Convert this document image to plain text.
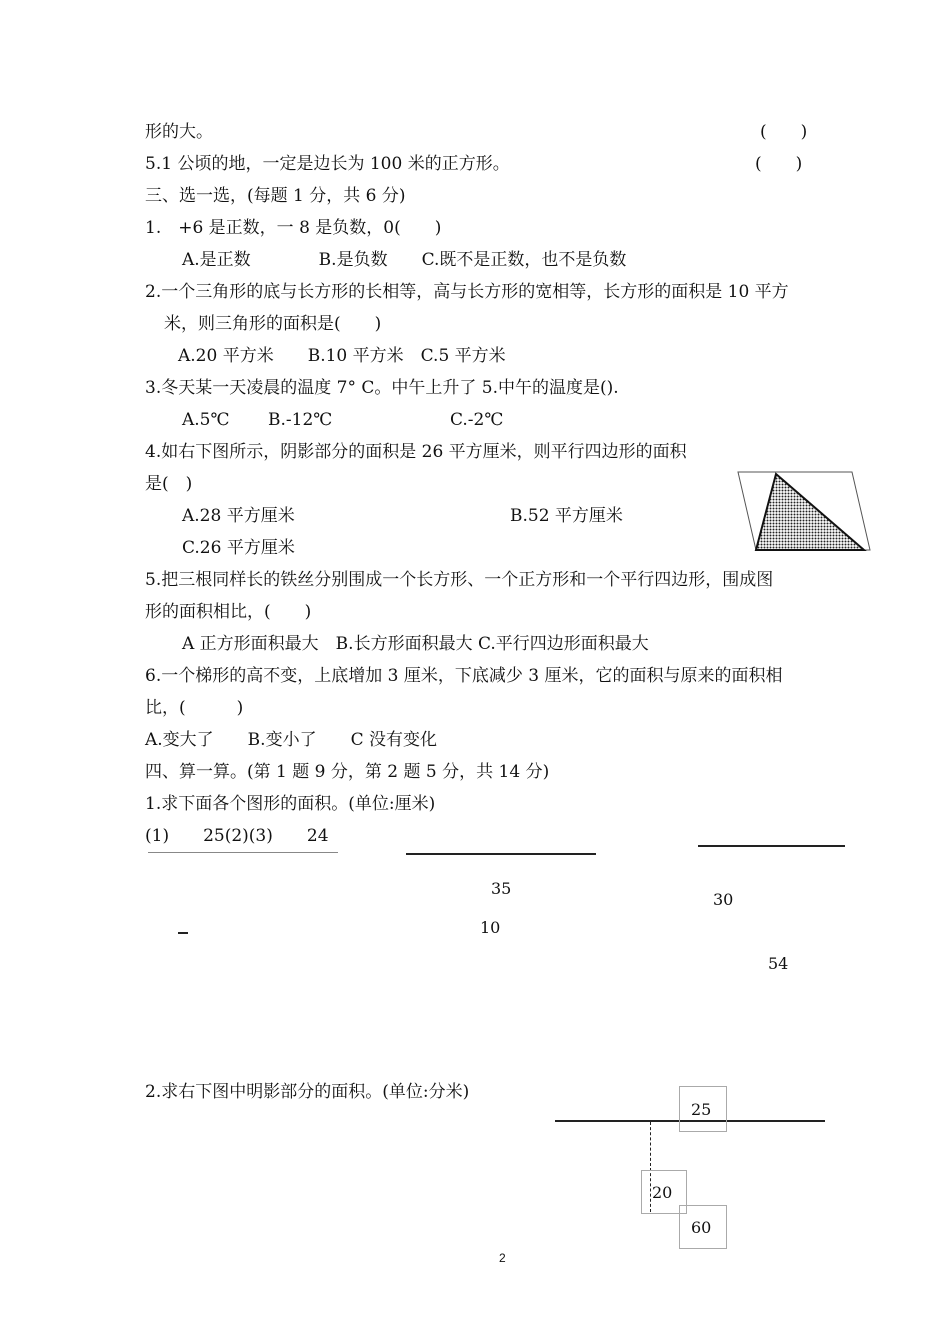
形的大。	(　　)
5.1 公顷的地，一定是边长为 100 米的正方形。	(　　)
三、选一选，(每题 1 分，共 6 分)
1.　+6 是正数，一 8 是负数，0(　　)
A.是正数　　　　B.是负数　　C.既不是正数，也不是负数
2.一个三角形的底与长方形的长相等，高与长方形的宽相等，长方形的面积是 10 平方
米，则三角形的面积是(　　)
A.20 平方米　　B.10 平方米　C.5 平方米
3.冬天某一天凌晨的温度 7° C。中午上升了 5.中午的温度是().
A.5℃ B.-12℃	C.-2℃
4.如右下图所示，阴影部分的面积是 26 平方厘米，则平行四边形的面积
是(　)
A.28 平方厘米	B.52 平方厘米
C.26 平方厘米
5.把三根同样长的铁丝分别围成一个长方形、一个正方形和一个平行四边形，围成图
形的面积相比，(　　)
A 正方形面积最大　B.长方形面积最大 C.平行四边形面积最大
6.一个梯形的高不变，上底增加 3 厘米，下底减少 3 厘米，它的面积与原来的面积相
比，(　　　)
A.变大了　　B.变小了　　C 没有变化
四、算一算。(第 1 题 9 分，第 2 题 5 分，共 14 分)
1.求下面各个图形的面积。(单位:厘米)
(1)　　25(2)(3)　　24
35
10
30
54
2.求右下图中明影部分的面积。(单位:分米)
25
20
60
2
